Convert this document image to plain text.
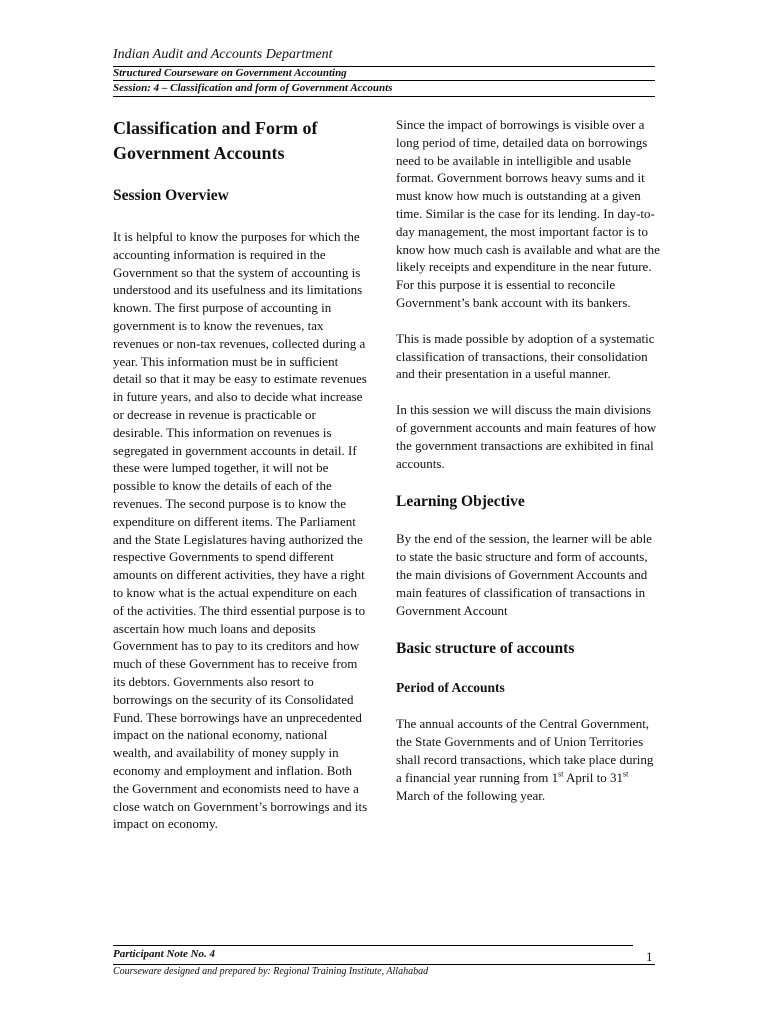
Indian Audit and Accounts Department
Structured Courseware on Government Accounting
Session: 4 – Classification and form of Government Accounts
Classification and Form of Government Accounts
Session Overview

It is helpful to know the purposes for which the accounting information is required in the Government so that the system of accounting is understood and its usefulness and its limitations known. The first purpose of accounting in government is to know the revenues, tax revenues or non-tax revenues, collected during a year. This information must be in sufficient detail so that it may be easy to estimate revenues in future years, and also to decide what increase or decrease in revenue is practicable or desirable. This information on revenues is segregated in government accounts in detail. If these were lumped together, it will not be possible to know the details of each of the revenues. The second purpose is to know the expenditure on different items. The Parliament and the State Legislatures having authorized the respective Governments to spend different amounts on different activities, they have a right to know what is the actual expenditure on each of the activities. The third essential purpose is to ascertain how much loans and deposits Government has to pay to its creditors and how much of these Government has to receive from its debtors. Governments also resort to borrowings on the security of its Consolidated Fund. These borrowings have an unprecedented impact on the national economy, national wealth, and availability of money supply in economy and employment and inflation. Both the Government and economists need to have a close watch on Government’s borrowings and its impact on economy.

Since the impact of borrowings is visible over a long period of time, detailed data on borrowings need to be available in intelligible and usable format. Government borrows heavy sums and it must know how much is outstanding at a given time. Similar is the case for its lending. In day-to-day management, the most important factor is to know how much cash is available and what are the likely receipts and expenditure in the near future. For this purpose it is essential to reconcile Government’s bank account with its bankers.

This is made possible by adoption of a systematic classification of transactions, their consolidation and their presentation in a useful manner.

In this session we will discuss the main divisions of government accounts and main features of how the government transactions are exhibited in final accounts.

Learning Objective

By the end of the session, the learner will be able to state the basic structure and form of accounts, the main divisions of Government Accounts and main features of classification of transactions in Government Account

Basic structure of accounts
Period of Accounts

The annual accounts of the Central Government, the State Governments and of Union Territories shall record transactions, which take place during a financial year running from 1st April to 31st March of the following year.

Participant Note No. 4	1
Courseware designed and prepared by: Regional Training Institute, Allahabad
